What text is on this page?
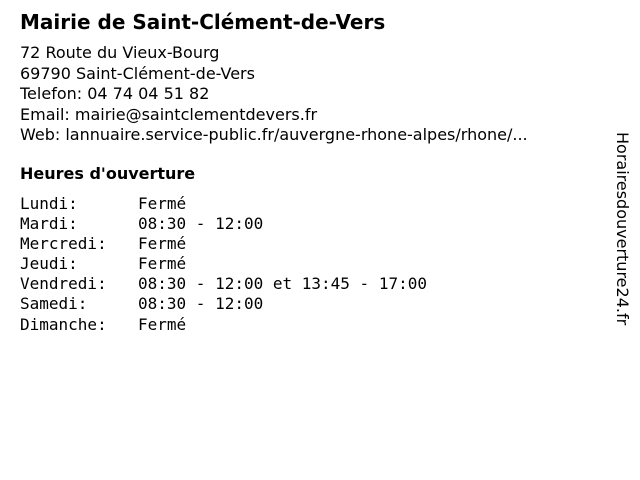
Mairie de Saint-Clément-de-Vers
72 Route du Vieux-Bourg
69790 Saint-Clément-de-Vers
Telefon: 04 74 04 51 82
Email: mairie@saintclementdevers.fr
Web: lannuaire.service-public.fr/auvergne-rhone-alpes/rhone/...
Heures d'ouverture
Lundi:	Fermé
Mardi:	08:30 - 12:00
Mercredi:	Fermé
Jeudi:	Fermé
Vendredi:	08:30 - 12:00 et 13:45 - 17:00
Samedi:	08:30 - 12:00
Dimanche:	Fermé	Horairesdouverture24.fr
